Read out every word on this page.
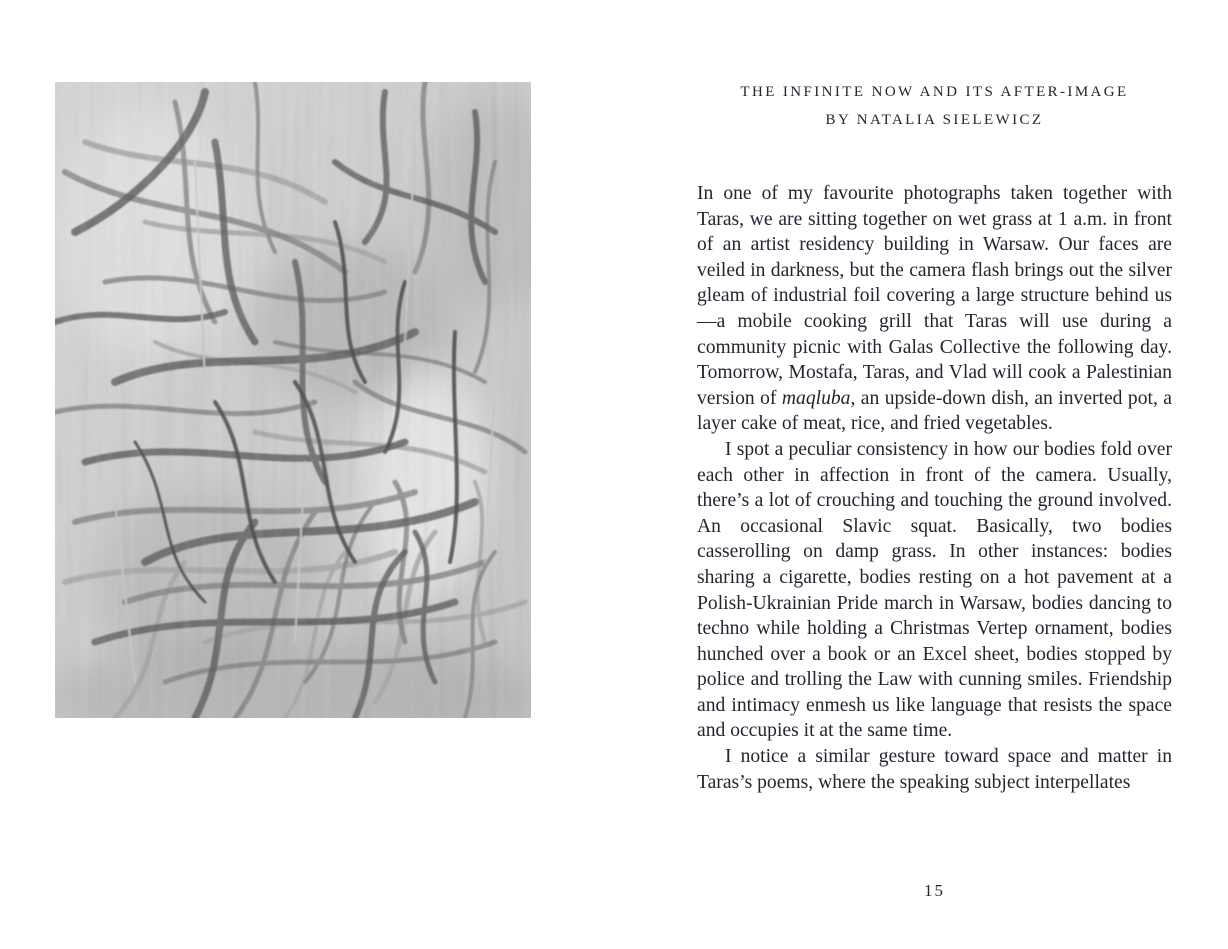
THE INFINITE NOW AND ITS AFTER-IMAGE
BY NATALIA SIELEWICZ

In one of my favourite photographs taken together with Taras, we are sitting together on wet grass at 1 a.m. in front of an artist residency building in Warsaw. Our faces are veiled in darkness, but the camera flash brings out the silver gleam of industrial foil covering a large structure behind us—a mobile cooking grill that Taras will use during a community picnic with Galas Collective the following day. Tomorrow, Mostafa, Taras, and Vlad will cook a Palestinian version of maqluba, an upside-down dish, an inverted pot, a layer cake of meat, rice, and fried vegetables.

I spot a peculiar consistency in how our bodies fold over each other in affection in front of the camera. Usually, there’s a lot of crouching and touching the ground involved. An occasional Slavic squat. Basically, two bodies casserolling on damp grass. In other instances: bodies sharing a cigarette, bodies resting on a hot pavement at a Polish-Ukrainian Pride march in Warsaw, bodies dancing to techno while holding a Christmas Vertep ornament, bodies hunched over a book or an Excel sheet, bodies stopped by police and trolling the Law with cunning smiles. Friendship and intimacy enmesh us like language that resists the space and occupies it at the same time.

I notice a similar gesture toward space and matter in Taras’s poems, where the speaking subject interpellates

15
